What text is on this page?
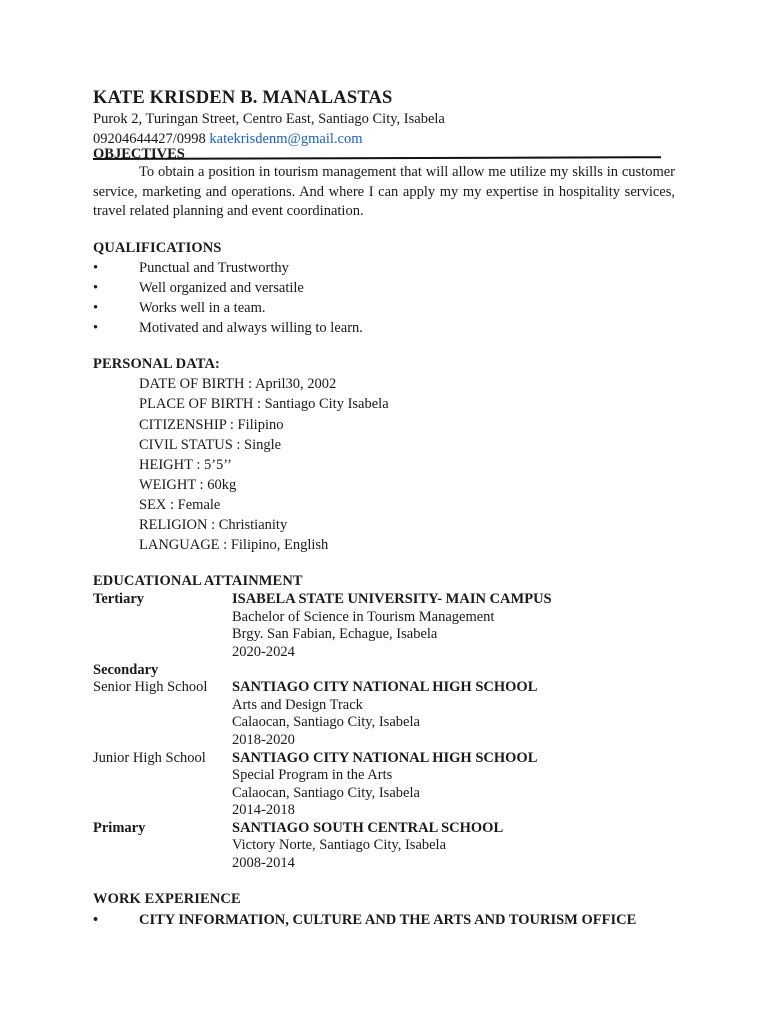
KATE KRISDEN B. MANALASTAS
Purok 2, Turingan Street, Centro East, Santiago City, Isabela
09204644427/0998 katekrisdenm@gmail.com
OBJECTIVES
To obtain a position in tourism management that will allow me utilize my skills in customer service, marketing and operations. And where I can apply my my expertise in hospitality services, travel related planning and event coordination.
QUALIFICATIONS
•	Punctual and Trustworthy
•	Well organized and versatile
•	Works well in a team.
•	Motivated and always willing to learn.
PERSONAL DATA:
DATE OF BIRTH : April30, 2002
PLACE OF BIRTH : Santiago City Isabela
CITIZENSHIP : Filipino
CIVIL STATUS : Single
HEIGHT : 5’5’’
WEIGHT : 60kg
SEX : Female
RELIGION : Christianity
LANGUAGE : Filipino, English
EDUCATIONAL ATTAINMENT
Tertiary	ISABELA STATE UNIVERSITY- MAIN CAMPUS
Bachelor of Science in Tourism Management
Brgy. San Fabian, Echague, Isabela
2020-2024
Secondary
Senior High School	SANTIAGO CITY NATIONAL HIGH SCHOOL
Arts and Design Track
Calaocan, Santiago City, Isabela
2018-2020
Junior High School	SANTIAGO CITY NATIONAL HIGH SCHOOL
Special Program in the Arts
Calaocan, Santiago City, Isabela
2014-2018
Primary	SANTIAGO SOUTH CENTRAL SCHOOL
Victory Norte, Santiago City, Isabela
2008-2014
WORK EXPERIENCE
•	CITY INFORMATION, CULTURE AND THE ARTS AND TOURISM OFFICE
